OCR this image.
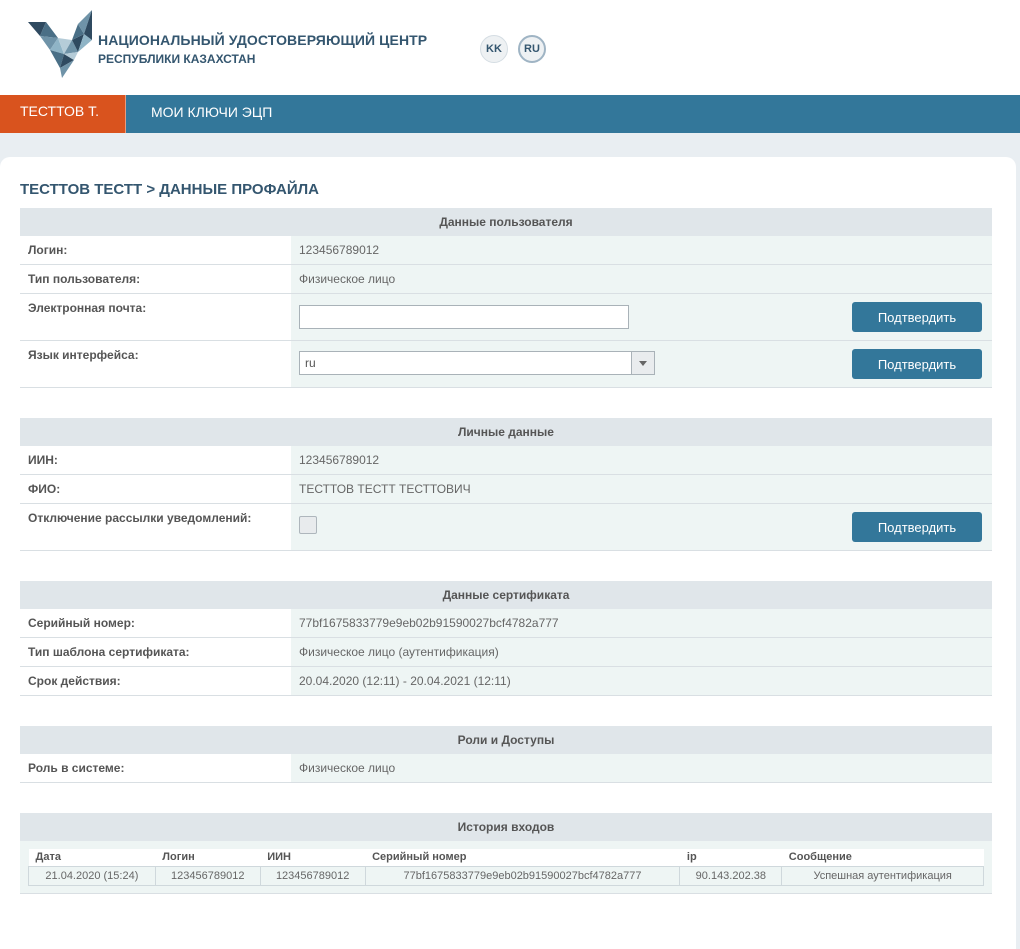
НАЦИОНАЛЬНЫЙ УДОСТОВЕРЯЮЩИЙ ЦЕНТР
РЕСПУБЛИКИ КАЗАХСТАН
KK	RU
ТЕСТТОВ Т.	МОИ КЛЮЧИ ЭЦП
ТЕСТТОВ ТЕСТТ > ДАННЫЕ ПРОФАЙЛА
Данные пользователя
Логин:	123456789012
Тип пользователя:	Физическое лицо
Электронная почта:
Подтвердить
Язык интерфейса:
ru	Подтвердить
Личные данные
ИИН:	123456789012
ФИО:	ТЕСТТОВ ТЕСТТ ТЕСТТОВИЧ
Отключение рассылки уведомлений:
Подтвердить
Данные сертификата
Серийный номер:	77bf1675833779e9eb02b91590027bcf4782a777
Тип шаблона сертификата:	Физическое лицо (аутентификация)
Срок действия:	20.04.2020 (12:11) - 20.04.2021 (12:11)
Роли и Доступы
Роль в системе:	Физическое лицо
История входов
Дата	Логин	ИИН	Серийный номер	ip	Сообщение
21.04.2020 (15:24)	123456789012	123456789012	77bf1675833779e9eb02b91590027bcf4782a777	90.143.202.38	Успешная аутентификация
